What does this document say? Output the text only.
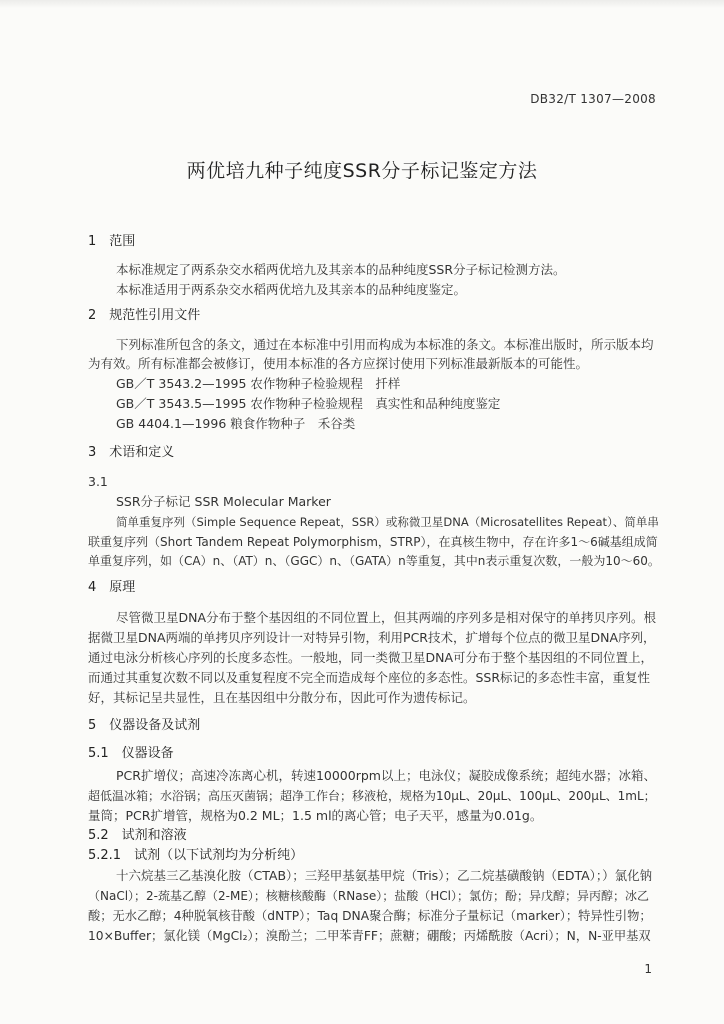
DB32/T 1307—2008
两优培九种子纯度SSR分子标记鉴定方法
1　范围
本标准规定了两系杂交水稻两优培九及其亲本的品种纯度SSR分子标记检测方法。
本标准适用于两系杂交水稻两优培九及其亲本的品种纯度鉴定。
2　规范性引用文件
下列标准所包含的条文，通过在本标准中引用而构成为本标准的条文。本标准出版时，所示版本均
为有效。所有标准都会被修订，使用本标准的各方应探讨使用下列标准最新版本的可能性。
GB／T 3543.2—1995 农作物种子检验规程　扦样
GB／T 3543.5—1995 农作物种子检验规程　真实性和品种纯度鉴定
GB 4404.1—1996 粮食作物种子　禾谷类
3　术语和定义
3.1
SSR分子标记 SSR Molecular Marker
简单重复序列（Simple Sequence Repeat，SSR）或称微卫星DNA（Microsatellites Repeat）、简单串
联重复序列（Short Tandem Repeat Polymorphism，STRP），在真核生物中，存在许多1～6碱基组成简
单重复序列，如（CA）n、（AT）n、（GGC）n、（GATA）n等重复，其中n表示重复次数，一般为10～60。
4　原理
尽管微卫星DNA分布于整个基因组的不同位置上，但其两端的序列多是相对保守的单拷贝序列。根
据微卫星DNA两端的单拷贝序列设计一对特异引物，利用PCR技术，扩增每个位点的微卫星DNA序列，
通过电泳分析核心序列的长度多态性。一般地，同一类微卫星DNA可分布于整个基因组的不同位置上，
而通过其重复次数不同以及重复程度不完全而造成每个座位的多态性。SSR标记的多态性丰富，重复性
好，其标记呈共显性，且在基因组中分散分布，因此可作为遗传标记。
5　仪器设备及试剂
5.1　仪器设备
PCR扩增仪；高速冷冻离心机，转速10000rpm以上；电泳仪；凝胶成像系统；超纯水器；冰箱、
超低温冰箱；水浴锅；高压灭菌锅；超净工作台；移液枪，规格为10μL、20μL、100μL、200μL、1mL；
量筒；PCR扩增管，规格为0.2 ML；1.5 ml的离心管；电子天平，感量为0.01g。
5.2　试剂和溶液
5.2.1　试剂（以下试剂均为分析纯）
十六烷基三乙基溴化胺（CTAB）；三羟甲基氨基甲烷（Tris）；乙二烷基磺酸钠（EDTA）；）氯化钠
（NaCl）；2-巯基乙醇（2-ME）；核糖核酸酶（RNase）；盐酸（HCl）；氯仿；酚；异戊醇；异丙醇；冰乙
酸；无水乙醇；4种脱氧核苷酸（dNTP）；Taq DNA聚合酶；标准分子量标记（marker）；特异性引物；
10×Buffer；氯化镁（MgCl₂）；溴酚兰；二甲苯青FF；蔗糖；硼酸；丙烯酰胺（Acri）；N，N-亚甲基双
1
